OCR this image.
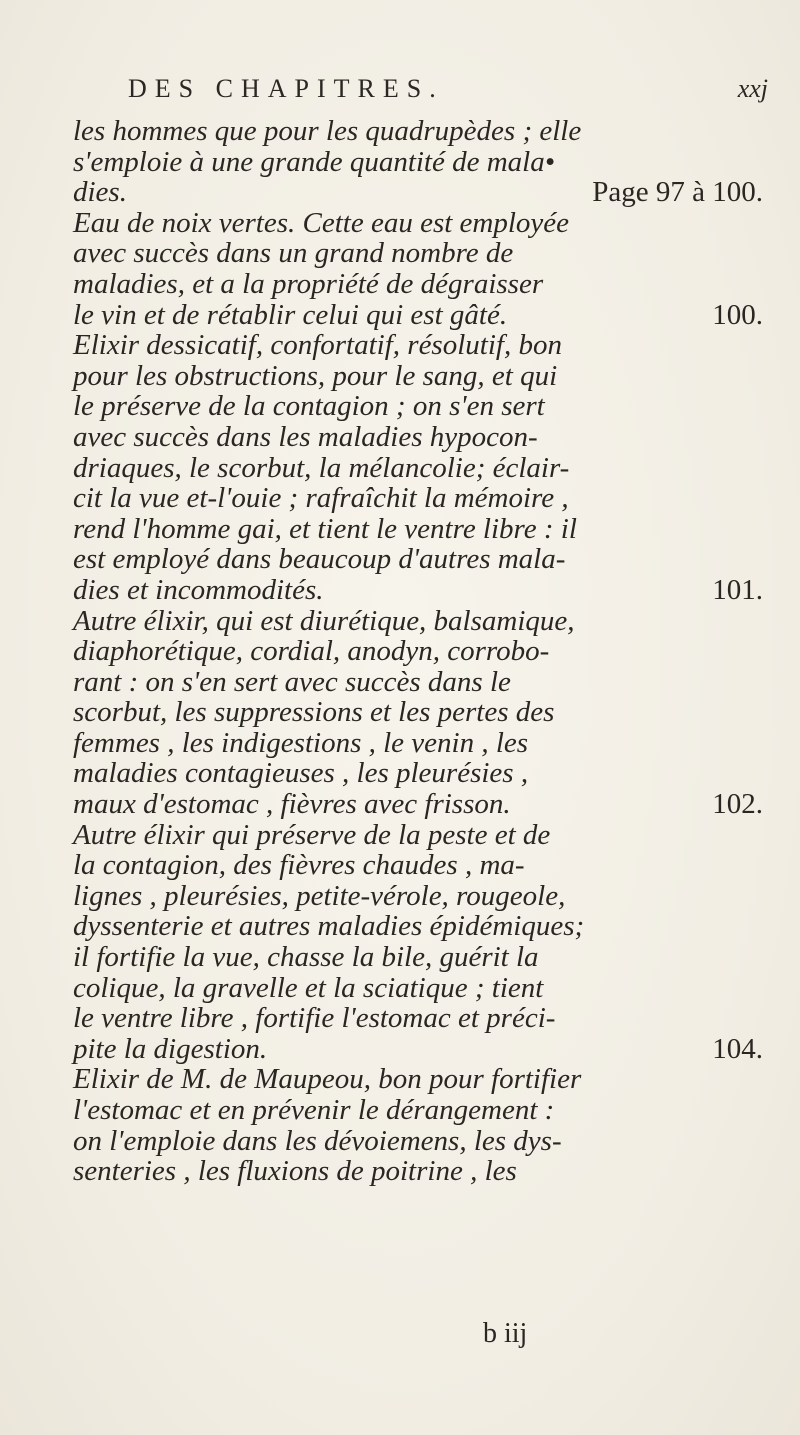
DES CHAPITRES.	xxj
les hommes que pour les quadrupèdes ; elle
s'emploie à une grande quantité de mala•
dies.	Page 97 à 100.
Eau de noix vertes. Cette eau est employée
avec succès dans un grand nombre de
maladies, et a la propriété de dégraisser
le vin et de rétablir celui qui est gâté.	100.
Elixir dessicatif, confortatif, résolutif, bon
pour les obstructions, pour le sang, et qui
le préserve de la contagion ; on s'en sert
avec succès dans les maladies hypocon-
driaques, le scorbut, la mélancolie; éclair-
cit la vue et-l'ouie ; rafraîchit la mémoire ,
rend l'homme gai, et tient le ventre libre : il
est employé dans beaucoup d'autres mala-
dies et incommodités.	101.
Autre élixir, qui est diurétique, balsamique,
diaphorétique, cordial, anodyn, corrobo-
rant : on s'en sert avec succès dans le
scorbut, les suppressions et les pertes des
femmes , les indigestions , le venin , les
maladies contagieuses , les pleurésies ,
maux d'estomac , fièvres avec frisson.	102.
Autre élixir qui préserve de la peste et de
la contagion, des fièvres chaudes , ma-
lignes , pleurésies, petite-vérole, rougeole,
dyssenterie et autres maladies épidémiques;
il fortifie la vue, chasse la bile, guérit la
colique, la gravelle et la sciatique ; tient
le ventre libre , fortifie l'estomac et préci-
pite la digestion.	104.
Elixir de M. de Maupeou, bon pour fortifier
l'estomac et en prévenir le dérangement :
on l'emploie dans les dévoiemens, les dys-
senteries , les fluxions de poitrine , les
b iij
